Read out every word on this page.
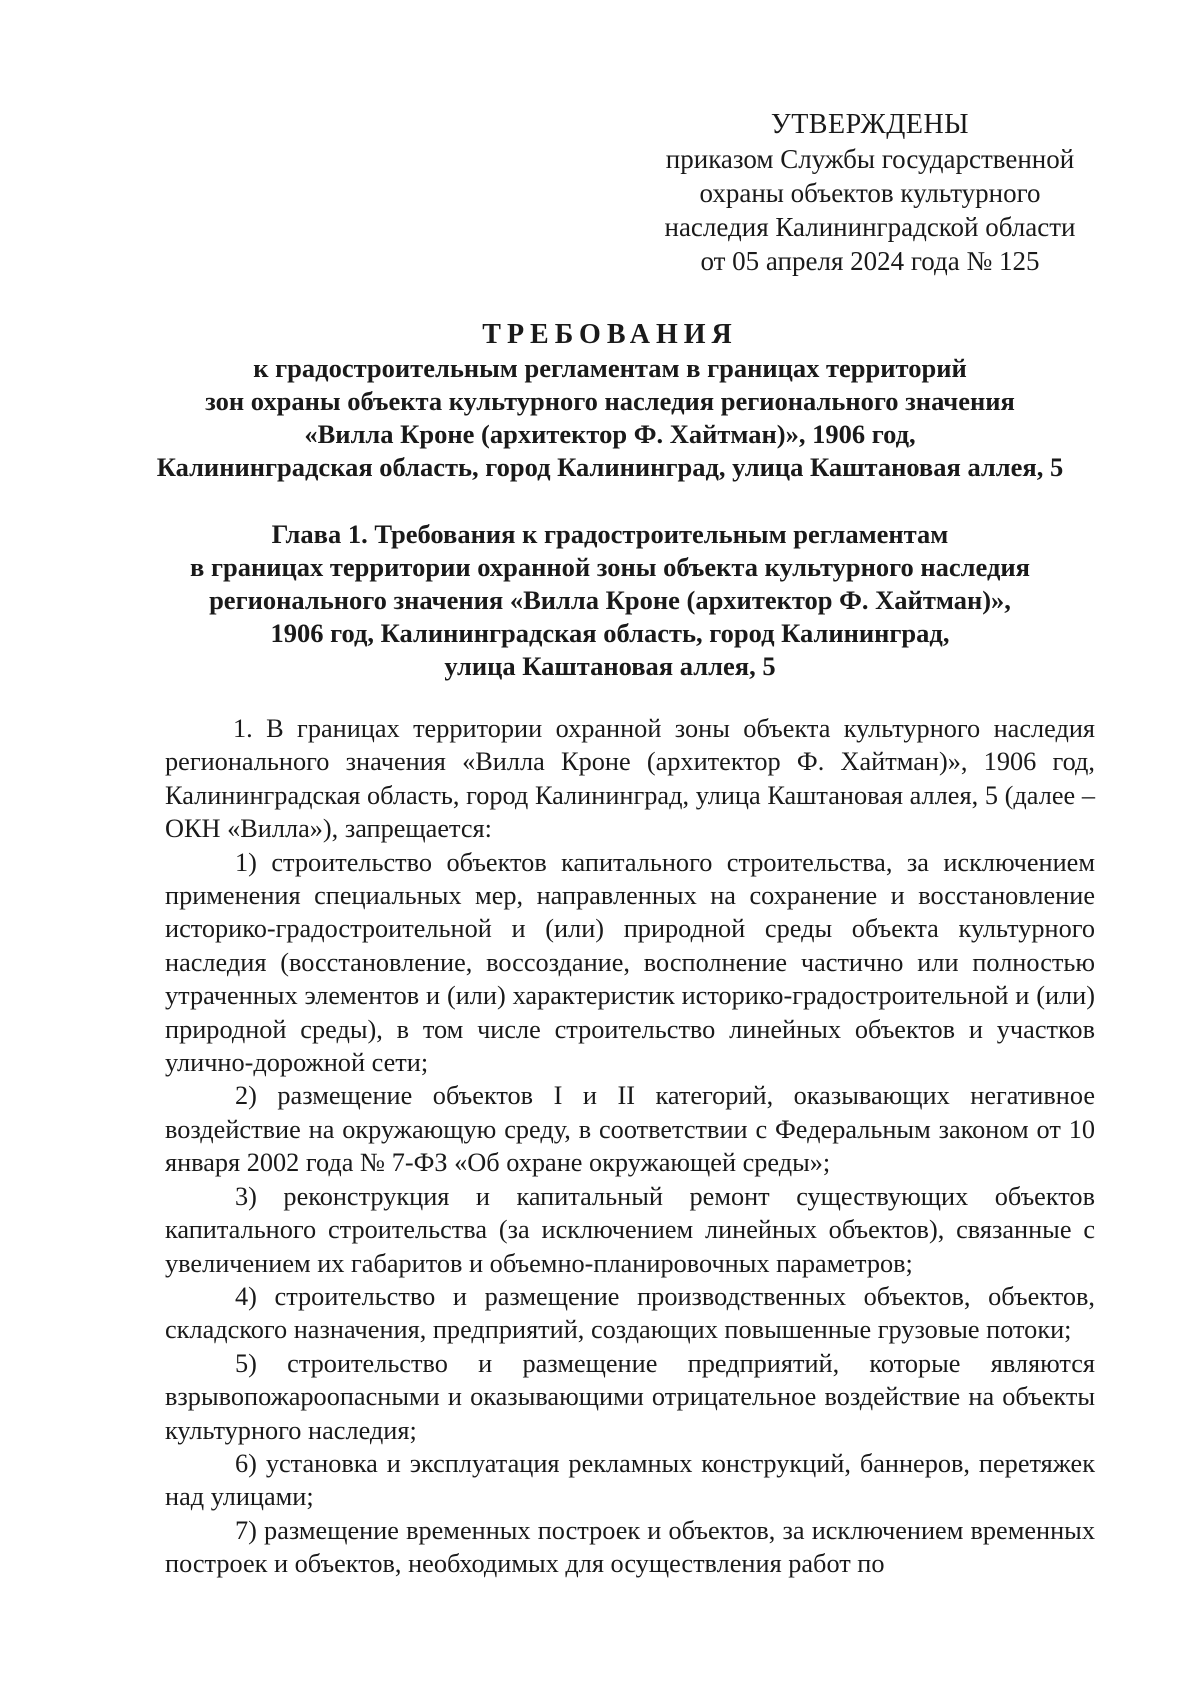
УТВЕРЖДЕНЫ
приказом Службы государственной
охраны объектов культурного
наследия Калининградской области
от 05 апреля 2024 года № 125
ТРЕБОВАНИЯ
к градостроительным регламентам в границах территорий
зон охраны объекта культурного наследия регионального значения
«Вилла Кроне (архитектор Ф. Хайтман)», 1906 год,
Калининградская область, город Калининград, улица Каштановая аллея, 5
Глава 1. Требования к градостроительным регламентам
в границах территории охранной зоны объекта культурного наследия
регионального значения «Вилла Кроне (архитектор Ф. Хайтман)»,
1906 год, Калининградская область, город Калининград,
улица Каштановая аллея, 5

1. В границах территории охранной зоны объекта культурного наследия регионального значения «Вилла Кроне (архитектор Ф. Хайтман)», 1906 год, Калининградская область, город Калининград, улица Каштановая аллея, 5 (далее – ОКН «Вилла»), запрещается:

1) строительство объектов капитального строительства, за исключением применения специальных мер, направленных на сохранение и восстановление историко-градостроительной и (или) природной среды объекта культурного наследия (восстановление, воссоздание, восполнение частично или полностью утраченных элементов и (или) характеристик историко-градостроительной и (или) природной среды), в том числе строительство линейных объектов и участков улично-дорожной сети;

2) размещение объектов I и II категорий, оказывающих негативное воздействие на окружающую среду, в соответствии с Федеральным законом от 10 января 2002 года № 7-ФЗ «Об охране окружающей среды»;

3) реконструкция и капитальный ремонт существующих объектов капитального строительства (за исключением линейных объектов), связанные с увеличением их габаритов и объемно-планировочных параметров;

4) строительство и размещение производственных объектов, объектов, складского назначения, предприятий, создающих повышенные грузовые потоки;

5) строительство и размещение предприятий, которые являются взрывопожароопасными и оказывающими отрицательное воздействие на объекты культурного наследия;

6) установка и эксплуатация рекламных конструкций, баннеров, перетяжек над улицами;

7) размещение временных построек и объектов, за исключением временных построек и объектов, необходимых для осуществления работ по
